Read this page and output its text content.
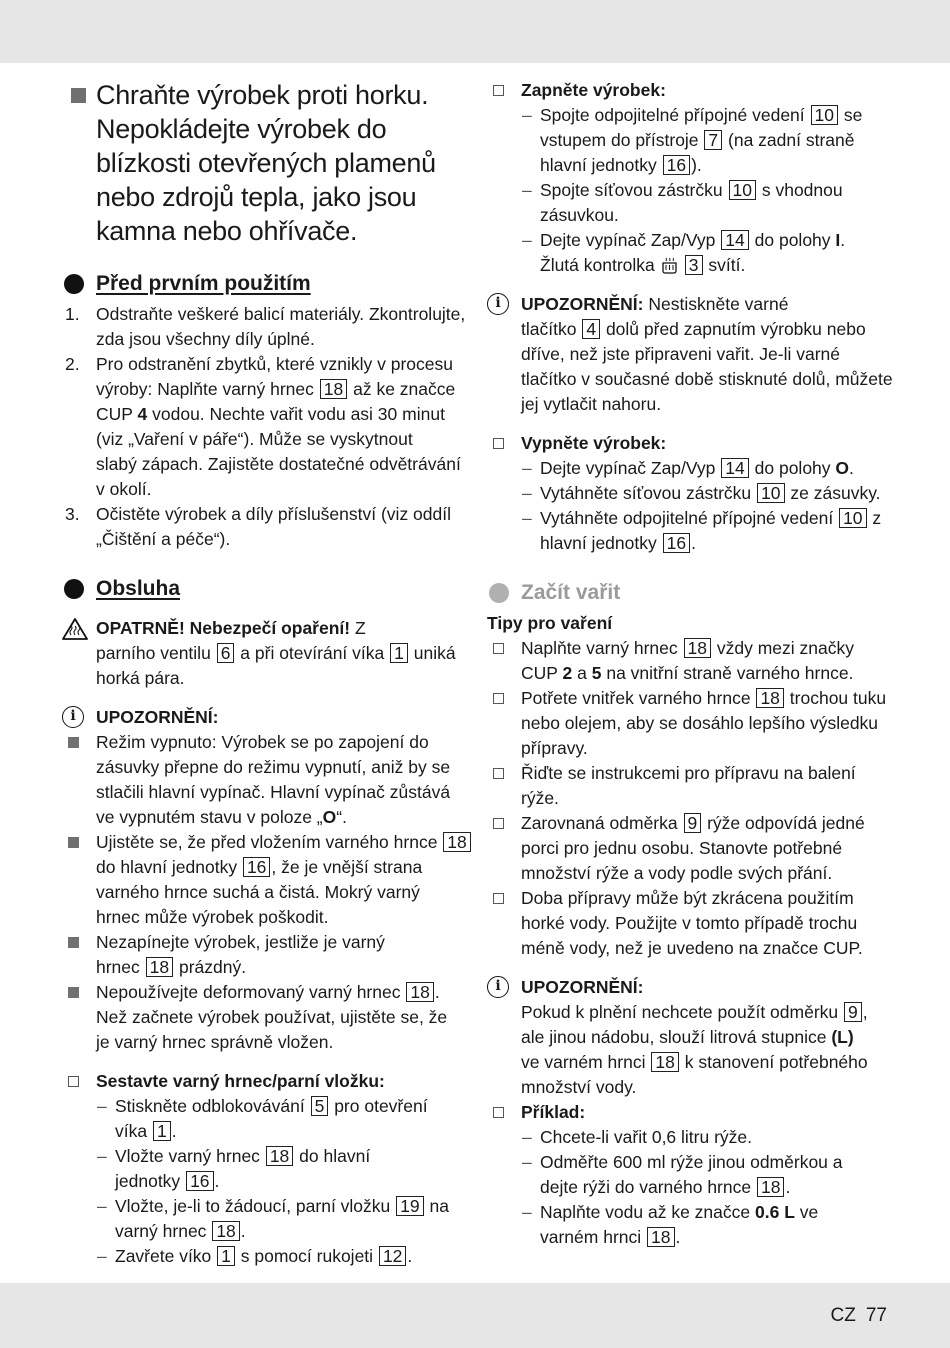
Chraňte výrobek proti horku.
Nepokládejte výrobek do
blízkosti otevřených plamenů
nebo zdrojů tepla, jako jsou
kamna nebo ohřívače.
Před prvním použitím
1. Odstraňte veškeré balicí materiály. Zkontrolujte,
zda jsou všechny díly úplné.
2. Pro odstranění zbytků, které vznikly v procesu
výroby: Naplňte varný hrnec 18 až ke značce
CUP 4 vodou. Nechte vařit vodu asi 30 minut
(viz „Vaření v páře“). Může se vyskytnout
slabý zápach. Zajistěte dostatečné odvětrávání
v okolí.
3. Očistěte výrobek a díly příslušenství (viz oddíl
„Čištění a péče“).
Obsluha
OPATRNĚ! Nebezpečí opaření! Z
parního ventilu 6 a při otevírání víka 1 uniká
horká pára.
i	UPOZORNĚNÍ:
Režim vypnuto: Výrobek se po zapojení do
zásuvky přepne do režimu vypnutí, aniž by se
stlačili hlavní vypínač. Hlavní vypínač zůstává
ve vypnutém stavu v poloze „O“.
Ujistěte se, že před vložením varného hrnce 18
do hlavní jednotky 16 , že je vnější strana
varného hrnce suchá a čistá. Mokrý varný
hrnec může výrobek poškodit.
Nezapínejte výrobek, jestliže je varný
hrnec 18 prázdný.
Nepoužívejte deformovaný varný hrnec 18 .
Než začnete výrobek používat, ujistěte se, že
je varný hrnec správně vložen.
Sestavte varný hrnec/parní vložku:
– Stiskněte odblokovávání 5 pro otevření
víka 1 .
– Vložte varný hrnec 18 do hlavní
jednotky 16 .
– Vložte, je-li to žádoucí, parní vložku 19 na
varný hrnec 18 .
– Zavřete víko 1 s pomocí rukojeti 12 .
Zapněte výrobek:
– Spojte odpojitelné přípojné vedení 10 se
vstupem do přístroje 7 (na zadní straně
hlavní jednotky 16 ).
– Spojte síťovou zástrčku 10 s vhodnou
zásuvkou.
– Dejte vypínač Zap/Vyp 14 do polohy I.
Žlutá kontrolka 3 svítí.
i	UPOZORNĚNÍ: Nestiskněte varné
tlačítko 4 dolů před zapnutím výrobku nebo
dříve, než jste připraveni vařit. Je-li varné
tlačítko v současné době stisknuté dolů, můžete
jej vytlačit nahoru.
Vypněte výrobek:
– Dejte vypínač Zap/Vyp 14 do polohy O.
– Vytáhněte síťovou zástrčku 10 ze zásuvky.
– Vytáhněte odpojitelné přípojné vedení 10 z
hlavní jednotky 16 .
Začít vařit
Tipy pro vaření
Naplňte varný hrnec 18 vždy mezi značky
CUP 2 a 5 na vnitřní straně varného hrnce.
Potřete vnitřek varného hrnce 18 trochou tuku
nebo olejem, aby se dosáhlo lepšího výsledku
přípravy.
Řiďte se instrukcemi pro přípravu na balení
rýže.
Zarovnaná odměrka 9 rýže odpovídá jedné
porci pro jednu osobu. Stanovte potřebné
množství rýže a vody podle svých přání.
Doba přípravy může být zkrácena použitím
horké vody. Použijte v tomto případě trochu
méně vody, než je uvedeno na značce CUP.
i	UPOZORNĚNÍ:
Pokud k plnění nechcete použít odměrku 9 ,
ale jinou nádobu, slouží litrová stupnice (L)
ve varném hrnci 18 k stanovení potřebného
množství vody.
Příklad:
– Chcete-li vařit 0,6 litru rýže.
– Odměřte 600 ml rýže jinou odměrkou a
dejte rýži do varného hrnce 18 .
– Naplňte vodu až ke značce 0.6 L ve
varném hrnci 18 .
CZ 77
